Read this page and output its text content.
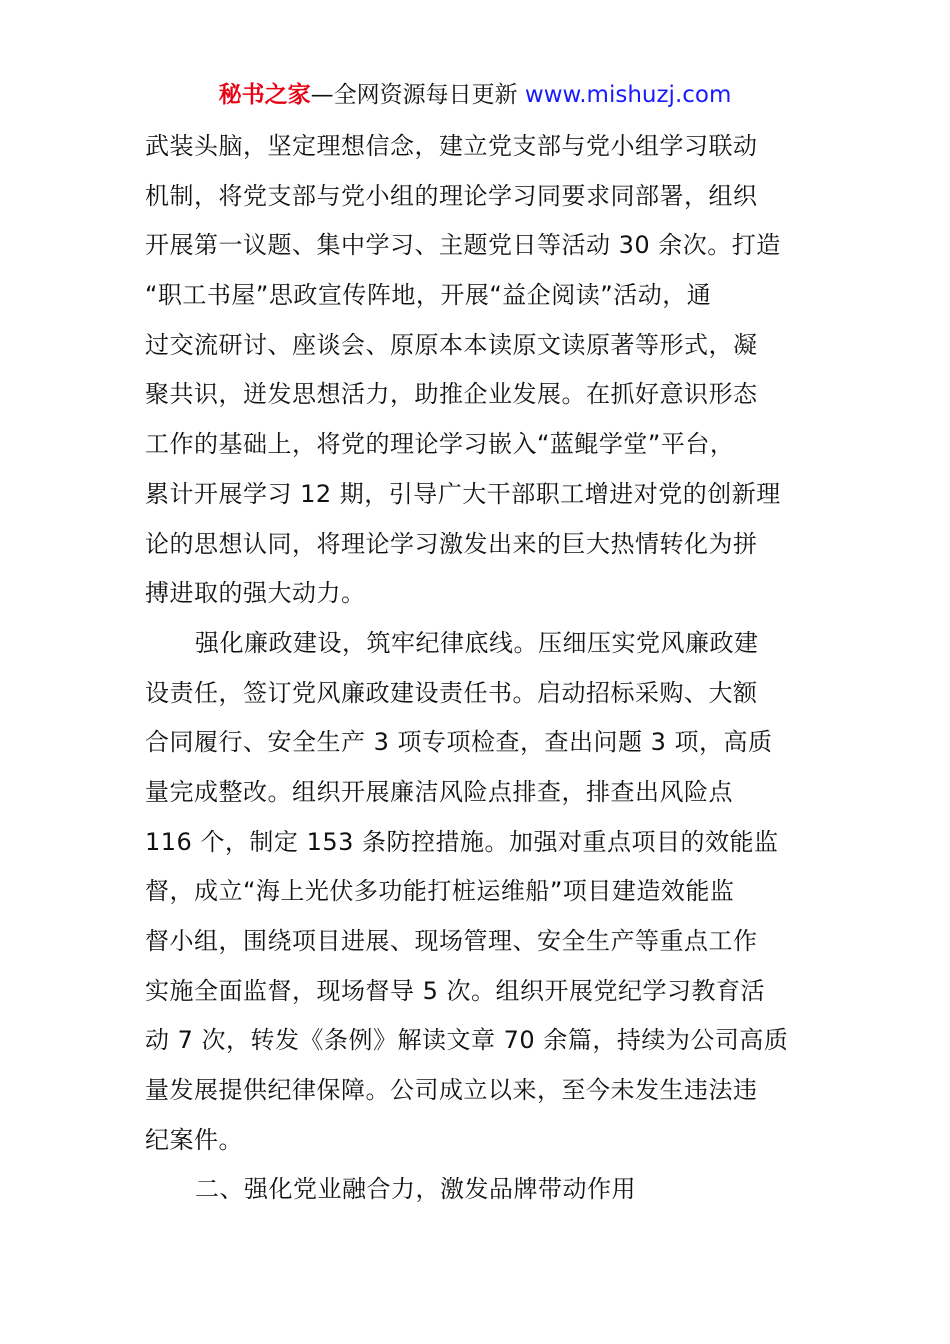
秘书之家—全网资源每日更新 www.mishuzj.com
武装头脑，坚定理想信念，建立党支部与党小组学习联动
机制，将党支部与党小组的理论学习同要求同部署，组织
开展第一议题、集中学习、主题党日等活动 30 余次。打造
“职工书屋”思政宣传阵地，开展“益企阅读”活动，通
过交流研讨、座谈会、原原本本读原文读原著等形式，凝
聚共识，迸发思想活力，助推企业发展。在抓好意识形态
工作的基础上，将党的理论学习嵌入“蓝鲲学堂”平台，
累计开展学习 12 期，引导广大干部职工增进对党的创新理
论的思想认同，将理论学习激发出来的巨大热情转化为拼
搏进取的强大动力。
强化廉政建设，筑牢纪律底线。压细压实党风廉政建
设责任，签订党风廉政建设责任书。启动招标采购、大额
合同履行、安全生产 3 项专项检查，查出问题 3 项，高质
量完成整改。组织开展廉洁风险点排查，排查出风险点
116 个，制定 153 条防控措施。加强对重点项目的效能监
督，成立“海上光伏多功能打桩运维船”项目建造效能监
督小组，围绕项目进展、现场管理、安全生产等重点工作
实施全面监督，现场督导 5 次。组织开展党纪学习教育活
动 7 次，转发《条例》解读文章 70 余篇，持续为公司高质
量发展提供纪律保障。公司成立以来，至今未发生违法违
纪案件。
二、强化党业融合力，激发品牌带动作用
